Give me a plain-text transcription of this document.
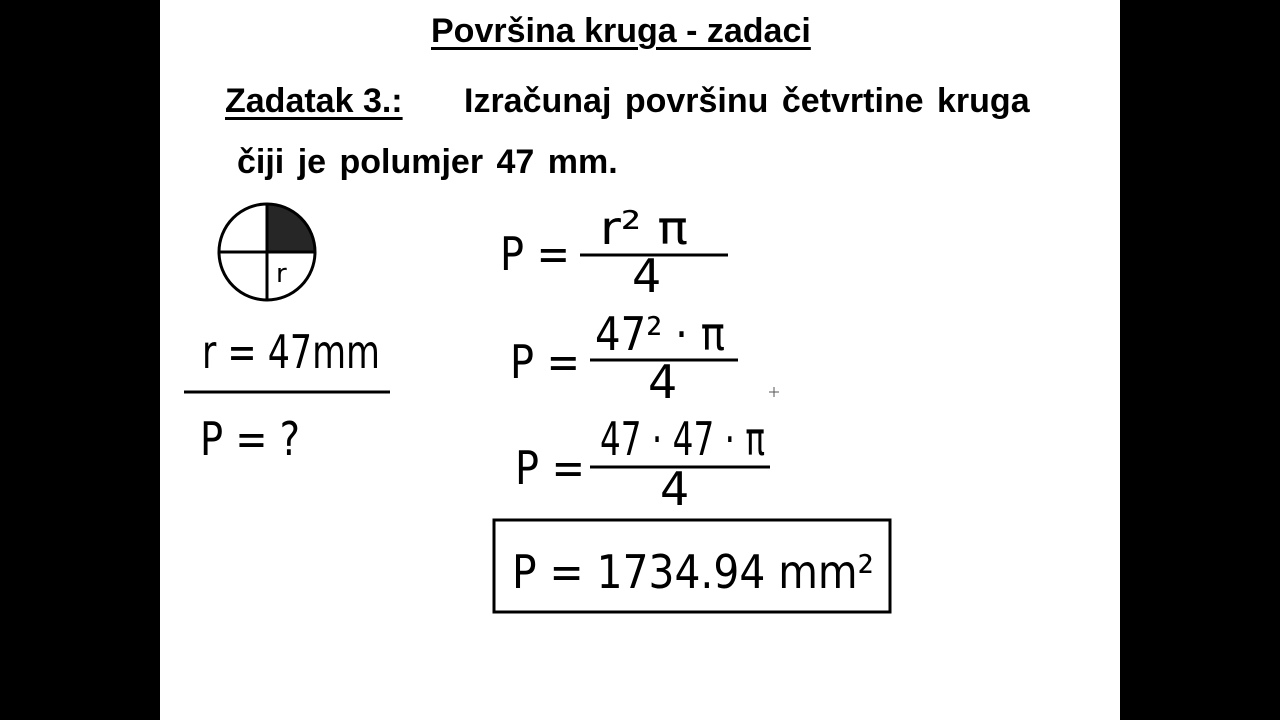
Površina kruga - zadaci
Zadatak 3.: Izračunaj površinu četvrtine kruga
čiji je polumjer 47 mm.
r
r = 47mm
P = ?
P = r² π
4
P =
47² · π
4
P =
47 · 47 · π
4
P = 1734.94 mm²
